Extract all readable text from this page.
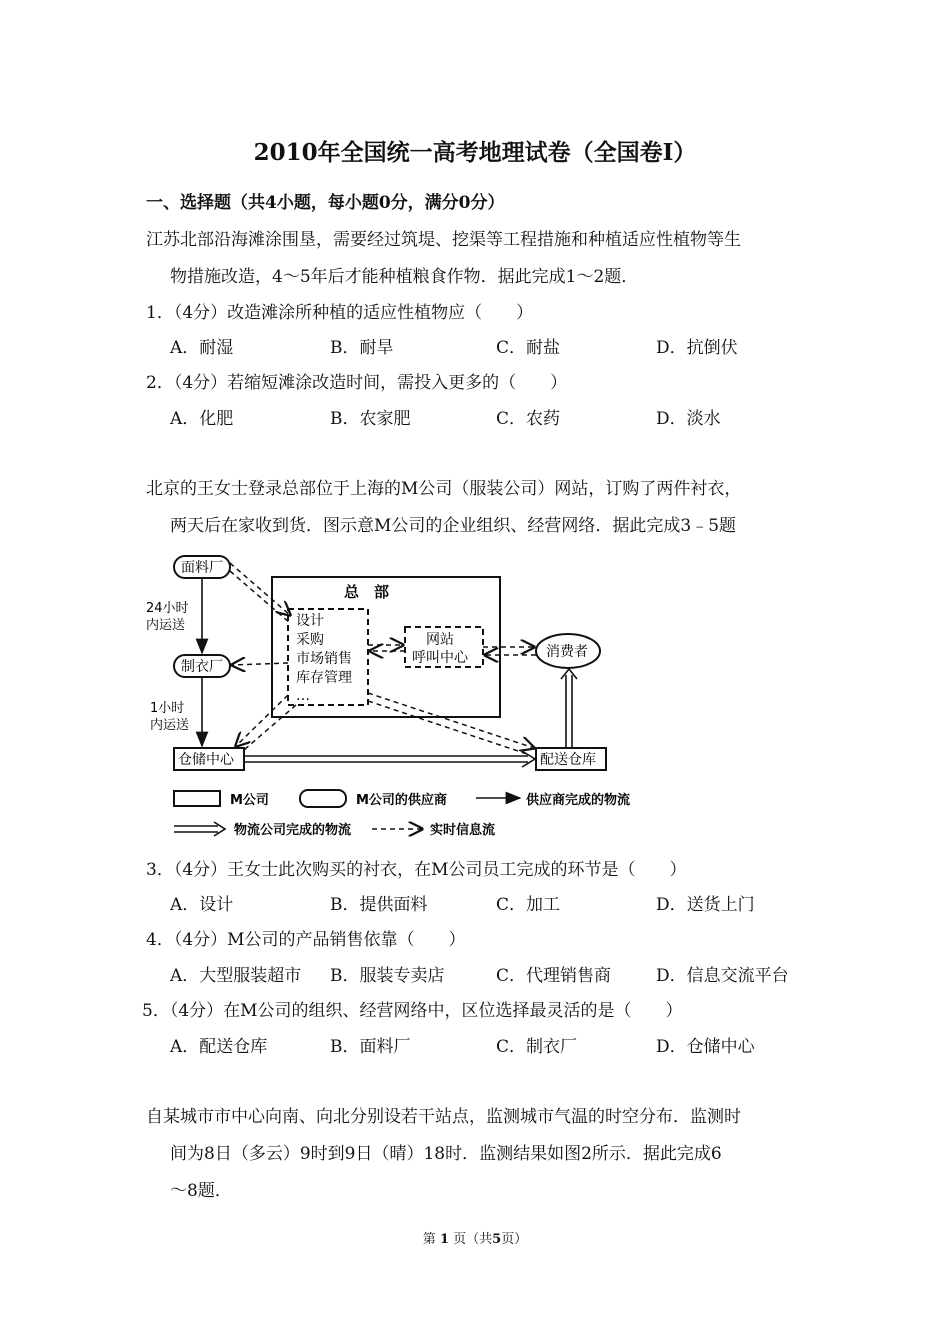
2010年全国统一高考地理试卷（全国卷Ⅰ）
一、选择题（共4小题，每小题0分，满分0分）
江苏北部沿海滩涂围垦，需要经过筑堤、挖渠等工程措施和种植适应性植物等生
物措施改造，4～5年后才能种植粮食作物．据此完成1～2题．
1．（4分）改造滩涂所种植的适应性植物应（　　）
A．耐湿	B．耐旱	C．耐盐	D．抗倒伏
2．（4分）若缩短滩涂改造时间，需投入更多的（　　）
A．化肥	B．农家肥	C．农药	D．淡水
北京的王女士登录总部位于上海的M公司（服装公司）网站，订购了两件衬衣，
两天后在家收到货．图示意M公司的企业组织、经营网络．据此完成3﹣5题
总　部
设计
采购
市场销售
库存管理
…
网站
呼叫中心	消费者
面料厂
制衣厂
仓储中心	配送仓库
24小时
内运送
1小时
内运送
M公司	M公司的供应商	供应商完成的物流
物流公司完成的物流	实时信息流
3．（4分）王女士此次购买的衬衣，在M公司员工完成的环节是（　　）
A．设计	B．提供面料	C．加工	D．送货上门
4．（4分）M公司的产品销售依靠（　　）
A．大型服装超市 B．服装专卖店	C．代理销售商	D．信息交流平台
5．（4分）在M公司的组织、经营网络中，区位选择最灵活的是（　　）
A．配送仓库	B．面料厂	C．制衣厂	D．仓储中心
自某城市市中心向南、向北分别设若干站点，监测城市气温的时空分布．监测时
间为8日（多云）9时到9日（晴）18时．监测结果如图2所示．据此完成6
～8题．
第 1 页（共5页）
